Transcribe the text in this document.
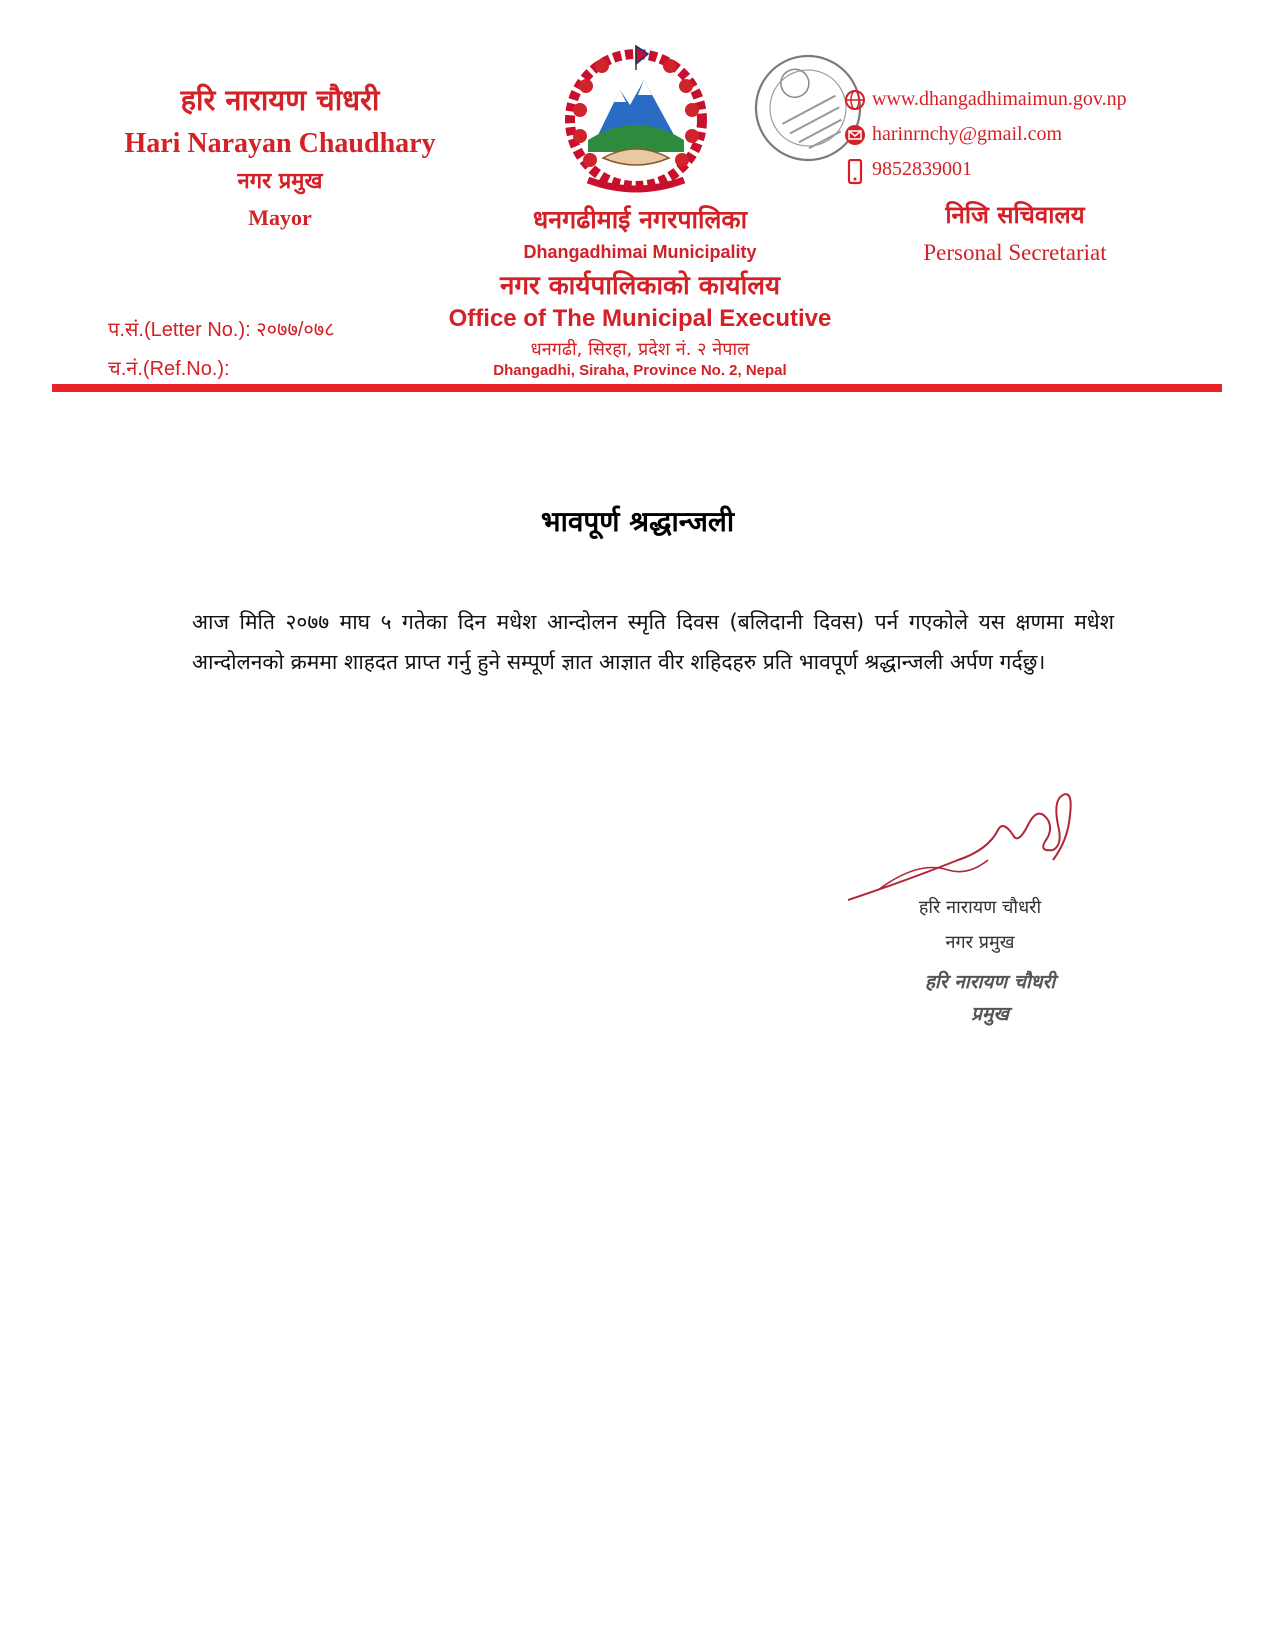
हरि नारायण चौधरी
Hari Narayan Chaudhary
नगर प्रमुख
Mayor
प.सं.(Letter No.): २०७७/०७८
च.नं.(Ref.No.):
धनगढीमाई नगरपालिका
Dhangadhimai Municipality
नगर कार्यपालिकाको कार्यालय
Office of The Municipal Executive
धनगढी, सिरहा, प्रदेश नं. २ नेपाल
Dhangadhi, Siraha, Province No. 2, Nepal
www.dhangadhimaimun.gov.np
harinrnchy@gmail.com
9852839001
निजि सचिवालय
Personal Secretariat
भावपूर्ण श्रद्धान्जली
आज मिति २०७७ माघ ५ गतेका दिन मधेश आन्दोलन स्मृति दिवस (बलिदानी दिवस) पर्न गएकोले यस क्षणमा मधेश आन्दोलनको क्रममा शाहदत प्राप्त गर्नु हुने सम्पूर्ण ज्ञात आज्ञात वीर शहिदहरु प्रति भावपूर्ण श्रद्धान्जली अर्पण गर्दछु।
हरि नारायण चौधरी
नगर प्रमुख
हरि नारायण चौधरी
प्रमुख
